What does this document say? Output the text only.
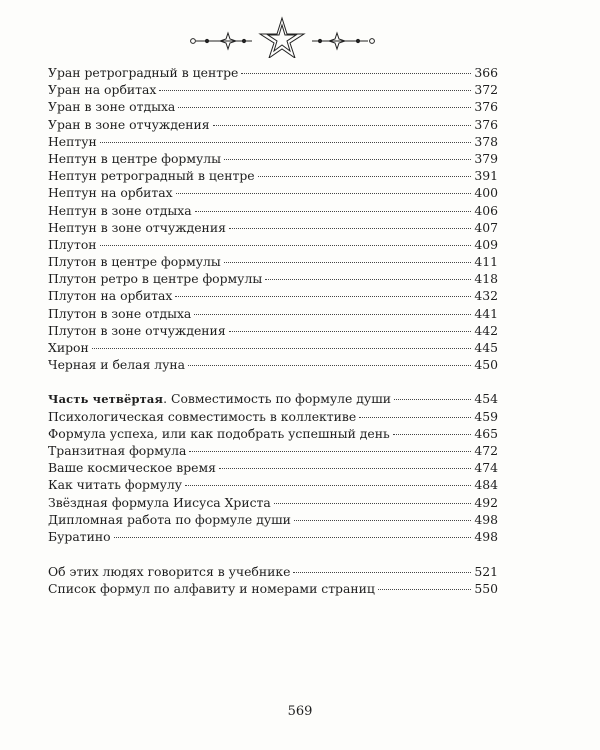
Уран ретроградный в центре	366
Уран на орбитах	372
Уран в зоне отдыха	376
Уран в зоне отчуждения	376
Нептун	378
Нептун в центре формулы	379
Нептун ретроградный в центре	391
Нептун на орбитах	400
Нептун в зоне отдыха	406
Нептун в зоне отчуждения	407
Плутон	409
Плутон в центре формулы	411
Плутон ретро в центре формулы	418
Плутон на орбитах	432
Плутон в зоне отдыха	441
Плутон в зоне отчуждения	442
Хирон	445
Черная и белая луна	450
Часть четвёртая. Совместимость по формуле души	454
Психологическая совместимость в коллективе	459
Формула успеха, или как подобрать успешный день	465
Транзитная формула	472
Ваше космическое время	474
Как читать формулу	484
Звёздная формула Иисуса Христа	492
Дипломная работа по формуле души	498
Буратино	498
Об этих людях говорится в учебнике	521
Список формул по алфавиту и номерами страниц	550
569
